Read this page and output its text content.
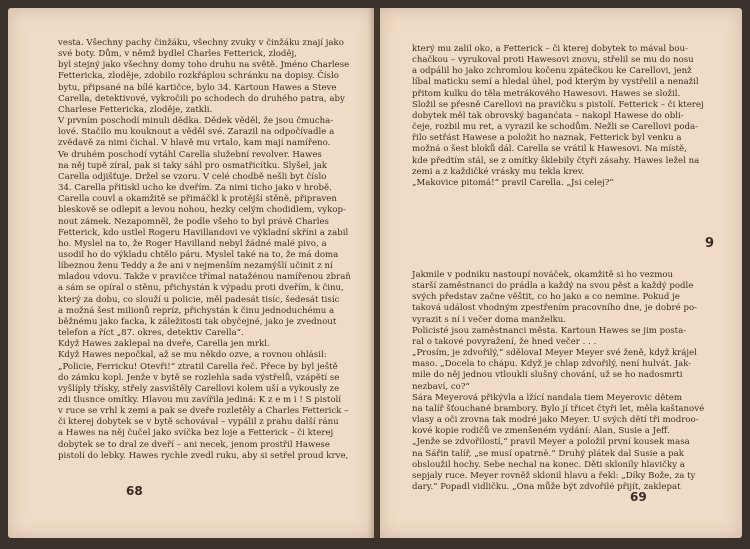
vesta. Všechny pachy činžáku, všechny zvuky v činžáku znají jako
své boty. Dům, v němž bydlel Charles Fetterick, zloděj,
byl stejný jako všechny domy toho druhu na světě. Jméno Charlese
Fettericka, zloděje, zdobilo rozkřáplou schránku na dopisy. Číslo
bytu, připsané na bílé kartičce, bylo 34. Kartoun Hawes a Steve
Carella, detektivové, vykročili po schodech do druhého patra, aby
Charlese Fettericka, zloděje, zatkli.
V prvním poschodí minuli dědka. Dědek věděl, že jsou čmucha-
lové. Stačilo mu kouknout a věděl své. Zarazil na odpočívadle a
zvědavě za nimi čichal. V hlavě mu vrtalo, kam mají namířeno.
Ve druhém poschodí vytáhl Carella služební revolver. Hawes
na něj tupě zíral, pak si taky sáhl pro osmatřicítku. Slyšel, jak
Carella odjišťuje. Držel se vzoru. V celé chodbě nešli byt číslo
34. Carella přitiskl ucho ke dveřím. Za nimi ticho jako v hrobě.
Carella couvl a okamžitě se přimáčkl k protější stěně, připraven
bleskově se odlepit a levou nohou, hezky celým chodidlem, vykop-
nout zámek. Nezapomněl, že podle všeho to byl právě Charles
Fetterick, kdo ustlel Rogeru Havillandovi ve výkladní skříni a zabil
ho. Myslel na to, že Roger Havilland nebyl žádné malé pivo, a
usodil ho do výkladu chtělo páru. Myslel také na to, že má doma
líbeznou ženu Teddy a že ani v nejmenším nezamýšlí učinit z ní
mladou vdovu. Takže v pravičce třímal natažénou namířenou zbraň
a sám se opíral o stěnu, přichystán k výpadu proti dveřím, k činu,
který za dobu, co slouží u policie, měl padesát tisíc, šedesát tisíc
a možná šest milionů repríz, přichystán k činu jednoduchému a
běžnému jako facka, k záležitosti tak obyčejné, jako je zvednout
telefon a říct „87. okres, detektiv Carella“.
Když Hawes zaklepal na dveře, Carella jen mrkl.
Když Hawes nepočkal, až se mu někdo ozve, a rovnou ohlásil:
„Policie, Ferricku! Otevři!“ ztratil Carella řeč. Přece by byl ještě
do zámku kopl. Jenže v bytě se rozlehla sada výstřelů, vzápětí se
vyšlíply třísky, střely zasvištěly Carellovi kolem uší a vykously ze
zdi tlusnce omítky. Hlavou mu zavířila jediná: K z e m i ! S pistolí
v ruce se vrhl k zemi a pak se dveře rozletěly a Charles Fetterick –
či kterej dobytek se v bytě schovával – vypálil z prahu další ránu
a Hawes na něj čučel jako svíčka bez loje a Fetterick – či kterej
dobytek se to dral ze dveří – ani necek, jenom prostřil Hawese
pistolí do lebky. Hawes rychle zvedl ruku, aby si setřel proud krve,

68

který mu zalil oko, a Fetterick – či kterej dobytek to mával bou-
chačkou – vyrukoval proti Hawesovi znovu, střelil se mu do nosu
a odpálil ho jako zchromlou kočenu zpátečkou ke Carellovi, jenž
líbal maticku semí a hledal úhel, pod kterým by vystřelil a nenažil
přitom kulku do těla metrákového Hawesovi. Hawes se složil.
Složil se přesně Carellovi na pravičku s pistolí. Fetterick – či kterej
dobytek měl tak obrovský baganćata – nakopl Hawese do obli-
čeje, rozbil mu ret, a vyrazil ke schodům. Nežli se Carellovi poda-
řilo setřást Hawese a položit ho naznak, Fetterick byl venku a
možná o šest bloků dál. Carella se vrátil k Hawesovi. Na místě,
kde předtím stál, se z omítky šklebily čtyři zásahy. Hawes ležel na
zemi a z každičké vrásky mu tekla krev.
„Makovice pitomá!“ pravil Carella. „Jsi celej?“

9

Jakmile v podniku nastoupí nováček, okamžitě si ho vezmou
starší zaměstnanci do prádla a každý na svou pěst a každý podle
svých představ začne věštit, co ho jako a co nemine. Pokud je
taková událost vhodným zpestřením pracovního dne, je dobré po-
vyrazit s ní i večer doma manželku.
Policisté jsou zaměstnanci města. Kartoun Hawes se jim posta-
ral o takové povyražení, že hned večer . . .
„Prosím, je zdvořilý,“ sdělovaI Meyer Meyer své ženě, když krájel
maso. „Docela to chápu. Když je chlap zdvořilý, není hulvát. Jak-
mile do něj jednou vtloukli slušný chování, už se ho nadosmrti
nezbaví, co?“
Sára Meyerová přikývla a lžící nandala tiem Meyerovic dětem
na talíř šťouchané brambory. Bylo jí třicet čtyři let, měla kaštanové
vlasy a oči zrovna tak modré jako Meyer. U svých dětí tři modroo-
kové kopie rodičů ve zmenšeném vydání: Alan, Susie a Jeff.
„Jenže se zdvořilostí,“ pravil Meyer a položil první kousek masa
na Sářin talíř, „se musí opatrně.“ Druhý plátek dal Susie a pak
obsloužil hochy. Sebe nechal na konec. Děti skloníly hlavičky a
sepjaly ruce. Meyer rovněž sklonil hlavu a řekl: „Díky Bože, za ty
dary.“ Popadl vidličku. „Ona může být zdvořilé přijít, zaklepat

69
